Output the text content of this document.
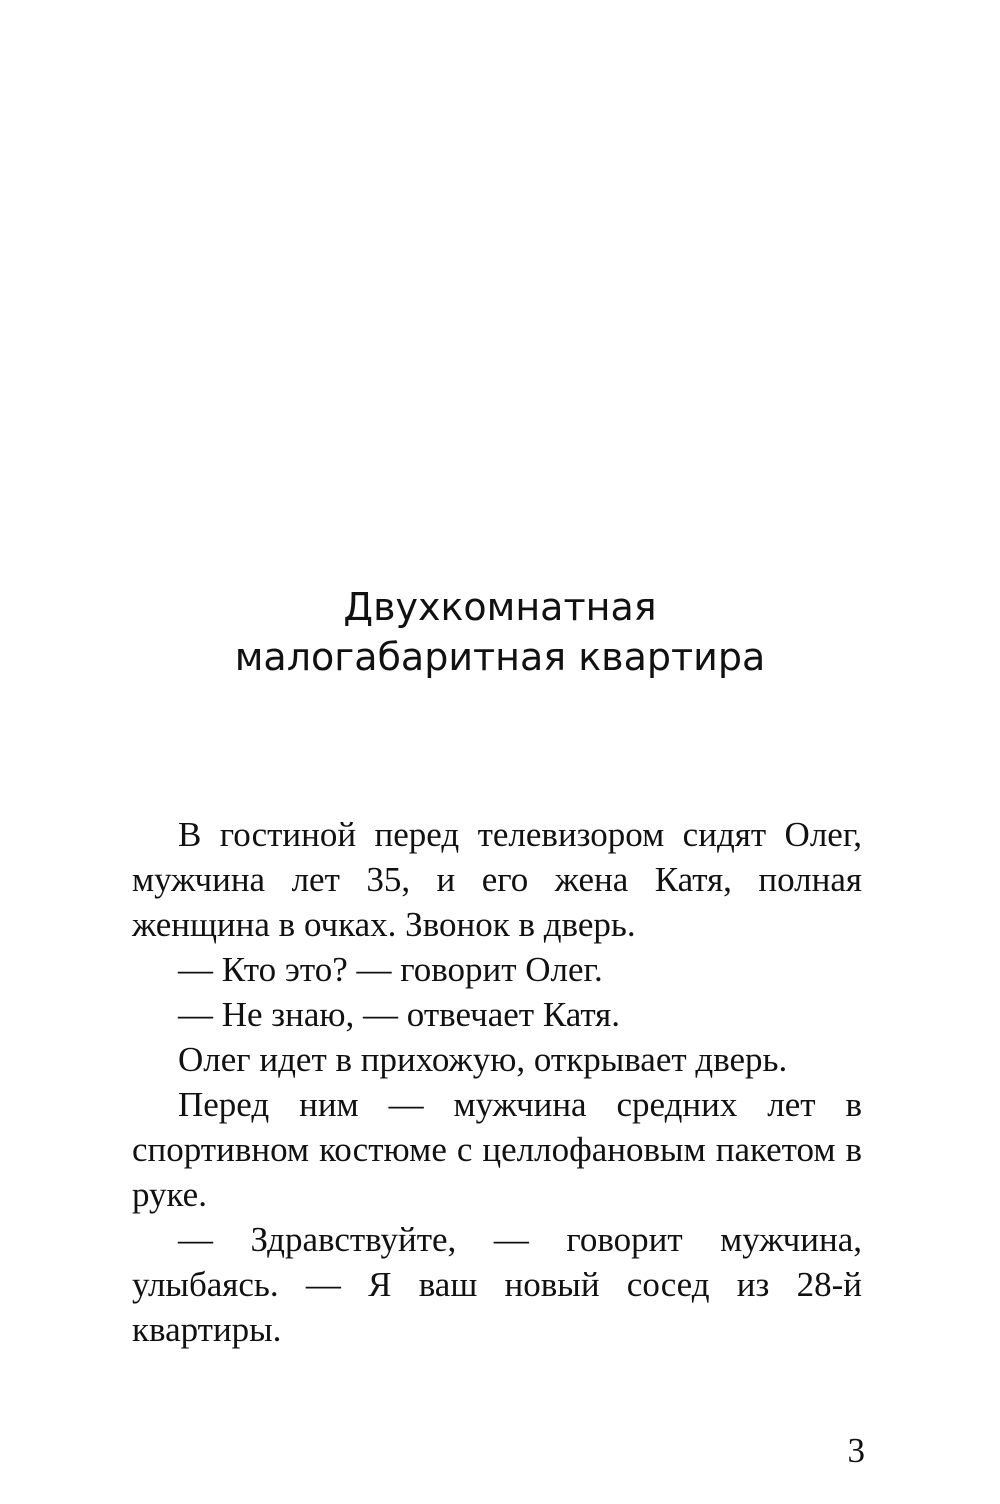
Двухкомнатная
малогабаритная квартира

В гостиной перед телевизором сидят Олег, мужчина лет 35, и его жена Катя, полная женщина в очках. Звонок в дверь.

— Кто это? — говорит Олег.

— Не знаю, — отвечает Катя.

Олег идет в прихожую, открывает дверь.

Перед ним — мужчина средних лет в спортивном костюме с целлофановым пакетом в руке.

— Здравствуйте, — говорит мужчина, улыбаясь. — Я ваш новый сосед из 28-й квартиры.

3
